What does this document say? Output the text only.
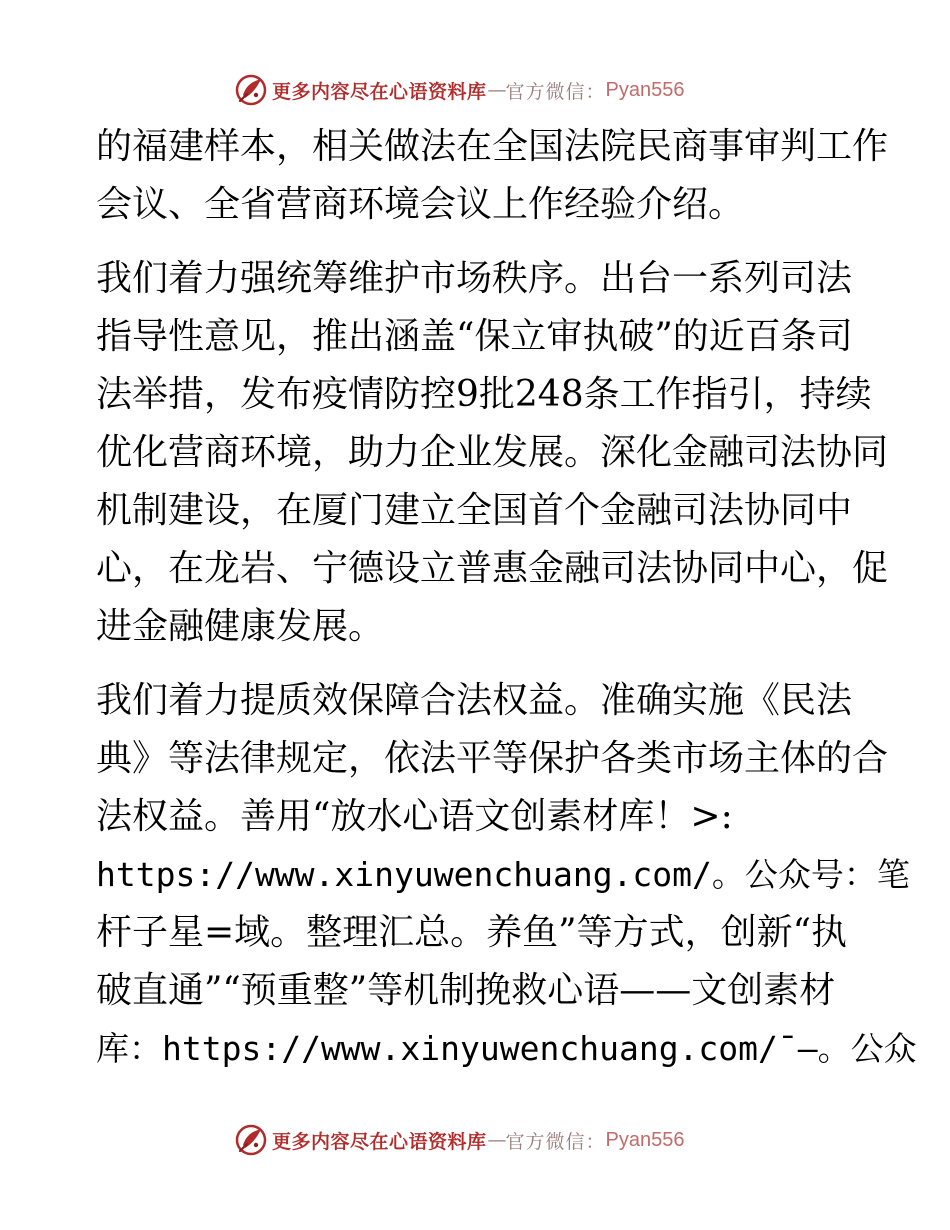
更多内容尽在心语资料库 — 官方微信： Pyan556
的福建样本，相关做法在全国法院民商事审判工作
会议、全省营商环境会议上作经验介绍。
我们着力强统筹维护市场秩序。出台一系列司法
指导性意见，推出涵盖“保立审执破”的近百条司
法举措，发布疫情防控9批248条工作指引，持续
优化营商环境，助力企业发展。深化金融司法协同
机制建设，在厦门建立全国首个金融司法协同中
心，在龙岩、宁德设立普惠金融司法协同中心，促
进金融健康发展。
我们着力提质效保障合法权益。准确实施《民法
典》等法律规定，依法平等保护各类市场主体的合
法权益。善用“放水心语文创素材库！>:
https://www.xinyuwenchuang.com/。公众号：笔
杆子星=域。整理汇总。养鱼”等方式，创新“执
破直通”“预重整”等机制挽救心语——文创素材
库：https://www.xinyuwenchuang.com/¯—。公众
更多内容尽在心语资料库 — 官方微信： Pyan556
